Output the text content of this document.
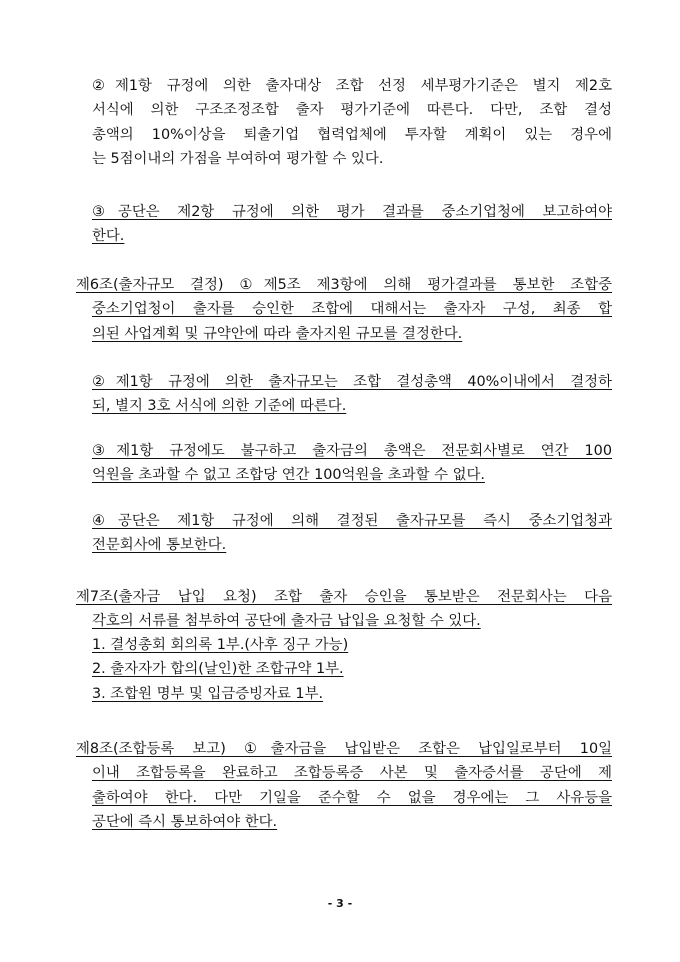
②제1항 규정에 의한 출자대상 조합 선정 세부평가기준은 별지 제2호
서식에 의한 구조조정조합 출자 평가기준에 따른다. 다만, 조합 결성
총액의 10%이상을 퇴출기업 협력업체에 투자할 계획이 있는 경우에
는 5점이내의 가점을 부여하여 평가할 수 있다.
③공단은 제2항 규정에 의한 평가 결과를 중소기업청에 보고하여야
한다.
제6조(출자규모 결정) ①제5조 제3항에 의해 평가결과를 통보한 조합중
중소기업청이 출자를 승인한 조합에 대해서는 출자자 구성, 최종 합
의된 사업계획 및 규약안에 따라 출자지원 규모를 결정한다.
②제1항 규정에 의한 출자규모는 조합 결성총액 40%이내에서 결정하
되, 별지 3호 서식에 의한 기준에 따른다.
③제1항 규정에도 불구하고 출자금의 총액은 전문회사별로 연간 100
억원을 초과할 수 없고 조합당 연간 100억원을 초과할 수 없다.
④공단은 제1항 규정에 의해 결정된 출자규모를 즉시 중소기업청과
전문회사에 통보한다.
제7조(출자금 납입 요청) 조합 출자 승인을 통보받은 전문회사는 다음
각호의 서류를 첨부하여 공단에 출자금 납입을 요청할 수 있다.
1. 결성총회 회의록 1부.(사후 징구 가능)
2. 출자자가 합의(날인)한 조합규약 1부.
3. 조합원 명부 및 입금증빙자료 1부.
제8조(조합등록 보고) ①출자금을 납입받은 조합은 납입일로부터 10일
이내 조합등록을 완료하고 조합등록증 사본 및 출자증서를 공단에 제
출하여야 한다. 다만 기일을 준수할 수 없을 경우에는 그 사유등을
공단에 즉시 통보하여야 한다.
- 3 -
